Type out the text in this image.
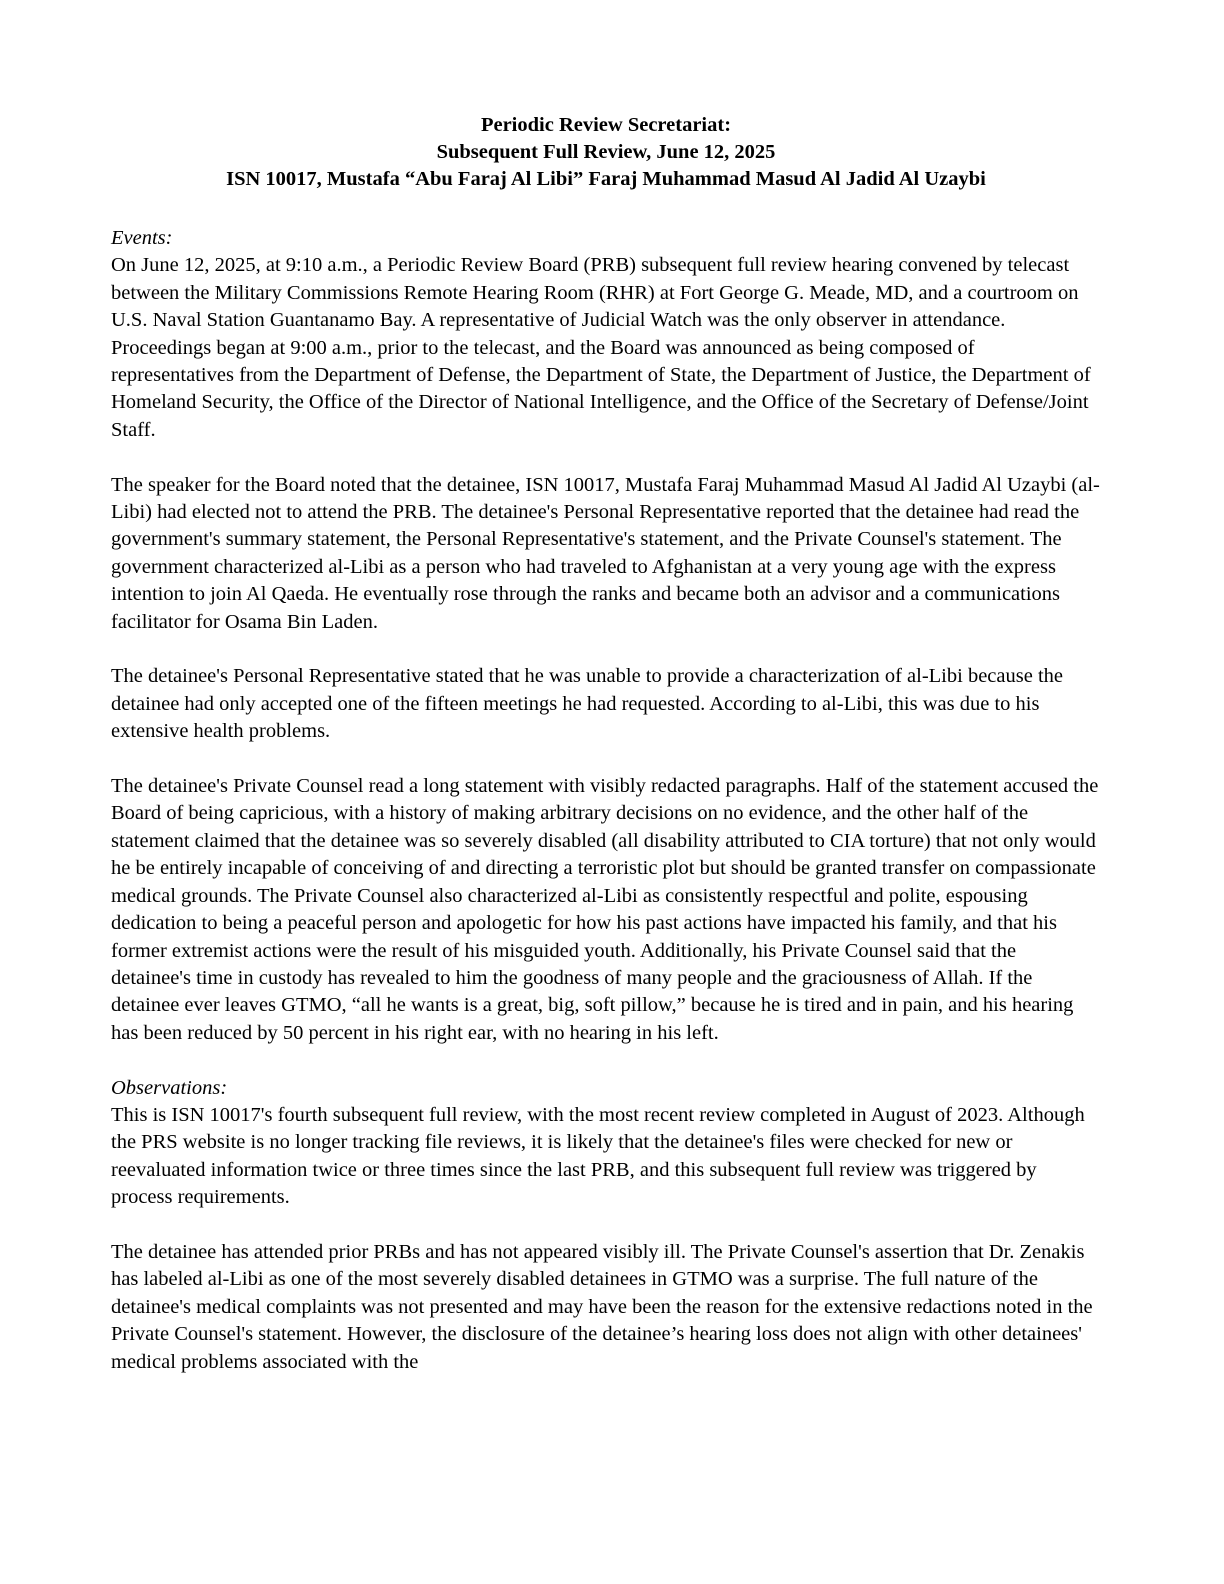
Periodic Review Secretariat:
Subsequent Full Review, June 12, 2025
ISN 10017, Mustafa “Abu Faraj Al Libi” Faraj Muhammad Masud Al Jadid Al Uzaybi

Events:

On June 12, 2025, at 9:10 a.m., a Periodic Review Board (PRB) subsequent full review hearing convened by telecast between the Military Commissions Remote Hearing Room (RHR) at Fort George G. Meade, MD, and a courtroom on U.S. Naval Station Guantanamo Bay. A representative of Judicial Watch was the only observer in attendance. Proceedings began at 9:00 a.m., prior to the telecast, and the Board was announced as being composed of representatives from the Department of Defense, the Department of State, the Department of Justice, the Department of Homeland Security, the Office of the Director of National Intelligence, and the Office of the Secretary of Defense/Joint Staff.

The speaker for the Board noted that the detainee, ISN 10017, Mustafa Faraj Muhammad Masud Al Jadid Al Uzaybi (al-Libi) had elected not to attend the PRB. The detainee's Personal Representative reported that the detainee had read the government's summary statement, the Personal Representative's statement, and the Private Counsel's statement. The government characterized al-Libi as a person who had traveled to Afghanistan at a very young age with the express intention to join Al Qaeda. He eventually rose through the ranks and became both an advisor and a communications facilitator for Osama Bin Laden.

The detainee's Personal Representative stated that he was unable to provide a characterization of al-Libi because the detainee had only accepted one of the fifteen meetings he had requested. According to al-Libi, this was due to his extensive health problems.

The detainee's Private Counsel read a long statement with visibly redacted paragraphs. Half of the statement accused the Board of being capricious, with a history of making arbitrary decisions on no evidence, and the other half of the statement claimed that the detainee was so severely disabled (all disability attributed to CIA torture) that not only would he be entirely incapable of conceiving of and directing a terroristic plot but should be granted transfer on compassionate medical grounds. The Private Counsel also characterized al-Libi as consistently respectful and polite, espousing dedication to being a peaceful person and apologetic for how his past actions have impacted his family, and that his former extremist actions were the result of his misguided youth. Additionally, his Private Counsel said that the detainee's time in custody has revealed to him the goodness of many people and the graciousness of Allah. If the detainee ever leaves GTMO, “all he wants is a great, big, soft pillow,” because he is tired and in pain, and his hearing has been reduced by 50 percent in his right ear, with no hearing in his left.

Observations:

This is ISN 10017's fourth subsequent full review, with the most recent review completed in August of 2023. Although the PRS website is no longer tracking file reviews, it is likely that the detainee's files were checked for new or reevaluated information twice or three times since the last PRB, and this subsequent full review was triggered by process requirements.

The detainee has attended prior PRBs and has not appeared visibly ill. The Private Counsel's assertion that Dr. Zenakis has labeled al-Libi as one of the most severely disabled detainees in GTMO was a surprise. The full nature of the detainee's medical complaints was not presented and may have been the reason for the extensive redactions noted in the Private Counsel's statement. However, the disclosure of the detainee’s hearing loss does not align with other detainees' medical problems associated with the
